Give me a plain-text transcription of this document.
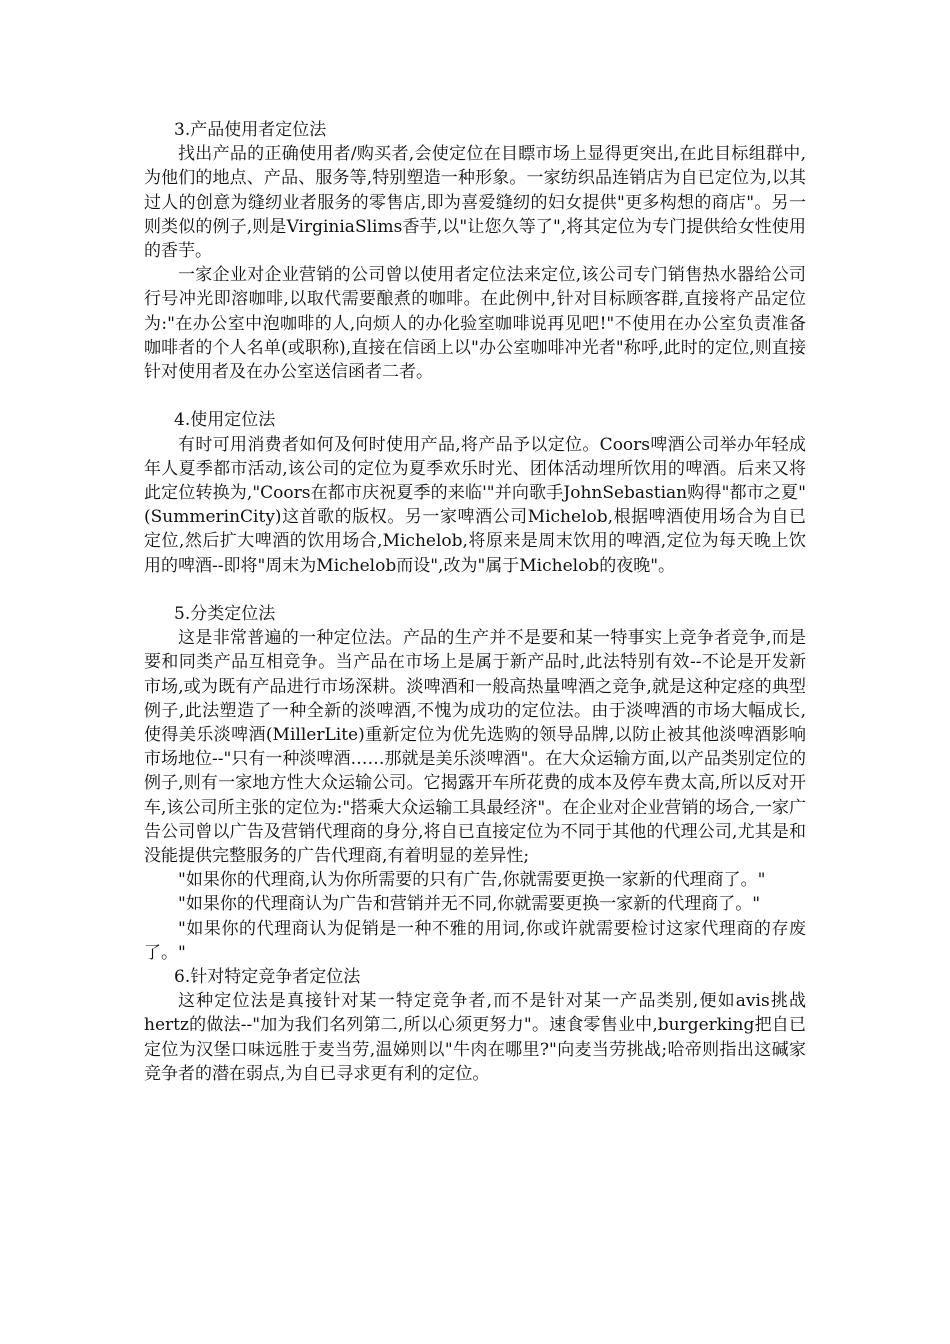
3.产品使用者定位法

找出产品的正确使用者/购买者,会使定位在目瞟市场上显得更突出,在此目标组群中,为他们的地点、产品、服务等,特别塑造一种形象。一家纺织品连销店为自已定位为,以其过人的创意为缝纫业者服务的零售店,即为喜爱缝纫的妇女提供"更多构想的商店"。另一则类似的例子,则是VirginiaSlims香芋,以"让您久等了",将其定位为专门提供给女性使用的香芋。

一家企业对企业营销的公司曾以使用者定位法来定位,该公司专门销售热水器给公司行号冲光即溶咖啡,以取代需要酿煮的咖啡。在此例中,针对目标顾客群,直接将产品定位为:"在办公室中泡咖啡的人,向烦人的办化验室咖啡说再见吧!"不使用在办公室负责准备咖啡者的个人名单(或职称),直接在信函上以"办公室咖啡冲光者"称呼,此时的定位,则直接针对使用者及在办公室送信函者二者。

4.使用定位法

有时可用消费者如何及何时使用产品,将产品予以定位。Coors啤酒公司举办年轻成年人夏季都市活动,该公司的定位为夏季欢乐时光、团体活动埋所饮用的啤酒。后来又将此定位转换为,"Coors在都市庆祝夏季的来临'"并向歌手JohnSebastian购得"都市之夏"(SummerinCity)这首歌的版权。另一家啤酒公司Michelob,根据啤酒使用场合为自已定位,然后扩大啤酒的饮用场合,Michelob,将原来是周末饮用的啤酒,定位为每天晚上饮用的啤酒--即将"周末为Michelob而设",改为"属于Michelob的夜晚"。

5.分类定位法

这是非常普遍的一种定位法。产品的生产并不是要和某一特事实上竞争者竞争,而是要和同类产品互相竞争。当产品在市场上是属于新产品时,此法特别有效--不论是开发新市场,或为既有产品进行市场深耕。淡啤酒和一般高热量啤酒之竞争,就是这种定痉的典型例子,此法塑造了一种全新的淡啤酒,不愧为成功的定位法。由于淡啤酒的市场大幅成长,使得美乐淡啤酒(MillerLite)重新定位为优先选购的领导品牌,以防止被其他淡啤酒影响市场地位--"只有一种淡啤酒……那就是美乐淡啤酒"。在大众运输方面,以产品类别定位的例子,则有一家地方性大众运输公司。它揭露开车所花费的成本及停车费太高,所以反对开车,该公司所主张的定位为:"搭乘大众运输工具最经济"。在企业对企业营销的场合,一家广告公司曾以广告及营销代理商的身分,将自已直接定位为不同于其他的代理公司,尤其是和没能提供完整服务的广告代理商,有着明显的差异性;

"如果你的代理商,认为你所需要的只有广告,你就需要更换一家新的代理商了。"

"如果你的代理商认为广告和营销并无不同,你就需要更换一家新的代理商了。"

"如果你的代理商认为促销是一种不雅的用词,你或许就需要检讨这家代理商的存废了。"

6.针对特定竞争者定位法

这种定位法是真接针对某一特定竞争者,而不是针对某一产品类别,便如avis挑战hertz的做法--"加为我们名列第二,所以心须更努力"。速食零售业中,burgerking把自已定位为汉堡口味远胜于麦当劳,温娣则以"牛肉在哪里?"向麦当劳挑战;哈帝则指出这碱家竞争者的潜在弱点,为自已寻求更有利的定位。
